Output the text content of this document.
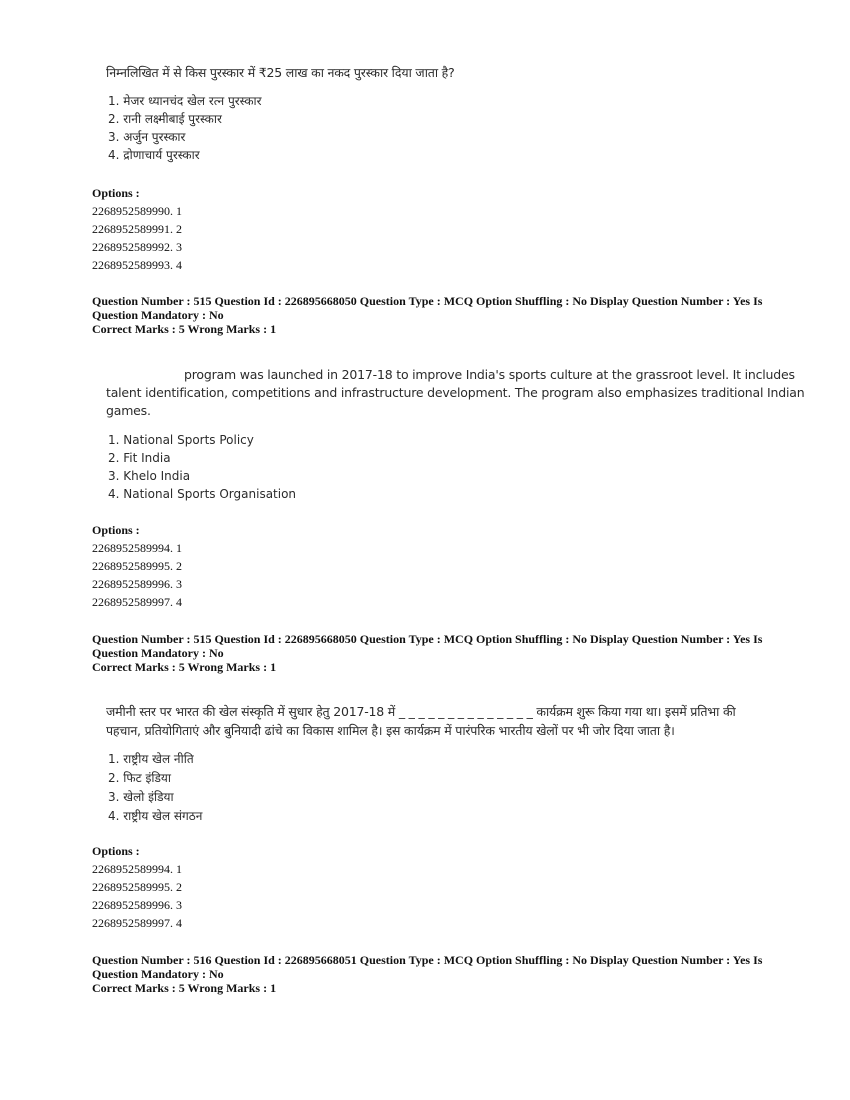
निम्नलिखित में से किस पुरस्कार में ₹25 लाख का नकद पुरस्कार दिया जाता है?
1. मेजर ध्यानचंद खेल रत्न पुरस्कार
2. रानी लक्ष्मीबाई पुरस्कार
3. अर्जुन पुरस्कार
4. द्रोणाचार्य पुरस्कार
Options :
2268952589990. 1
2268952589991. 2
2268952589992. 3
2268952589993. 4
Question Number : 515 Question Id : 226895668050 Question Type : MCQ Option Shuffling : No Display Question Number : Yes Is
Question Mandatory : No
Correct Marks : 5 Wrong Marks : 1
program was launched in 2017-18 to improve India's sports culture at the grassroot level. It includes
talent identification, competitions and infrastructure development. The program also emphasizes traditional Indian
games.
1. National Sports Policy
2. Fit India
3. Khelo India
4. National Sports Organisation
Options :
2268952589994. 1
2268952589995. 2
2268952589996. 3
2268952589997. 4
Question Number : 515 Question Id : 226895668050 Question Type : MCQ Option Shuffling : No Display Question Number : Yes Is
Question Mandatory : No
Correct Marks : 5 Wrong Marks : 1
जमीनी स्तर पर भारत की खेल संस्कृति में सुधार हेतु 2017-18 में _ _ _ _ _ _ _ _ _ _ _ _ _ _ कार्यक्रम शुरू किया गया था। इसमें प्रतिभा की
पहचान, प्रतियोगिताएं और बुनियादी ढांचे का विकास शामिल है। इस कार्यक्रम में पारंपरिक भारतीय खेलों पर भी जोर दिया जाता है।
1. राष्ट्रीय खेल नीति
2. फिट इंडिया
3. खेलो इंडिया
4. राष्ट्रीय खेल संगठन
Options :
2268952589994. 1
2268952589995. 2
2268952589996. 3
2268952589997. 4
Question Number : 516 Question Id : 226895668051 Question Type : MCQ Option Shuffling : No Display Question Number : Yes Is
Question Mandatory : No
Correct Marks : 5 Wrong Marks : 1
